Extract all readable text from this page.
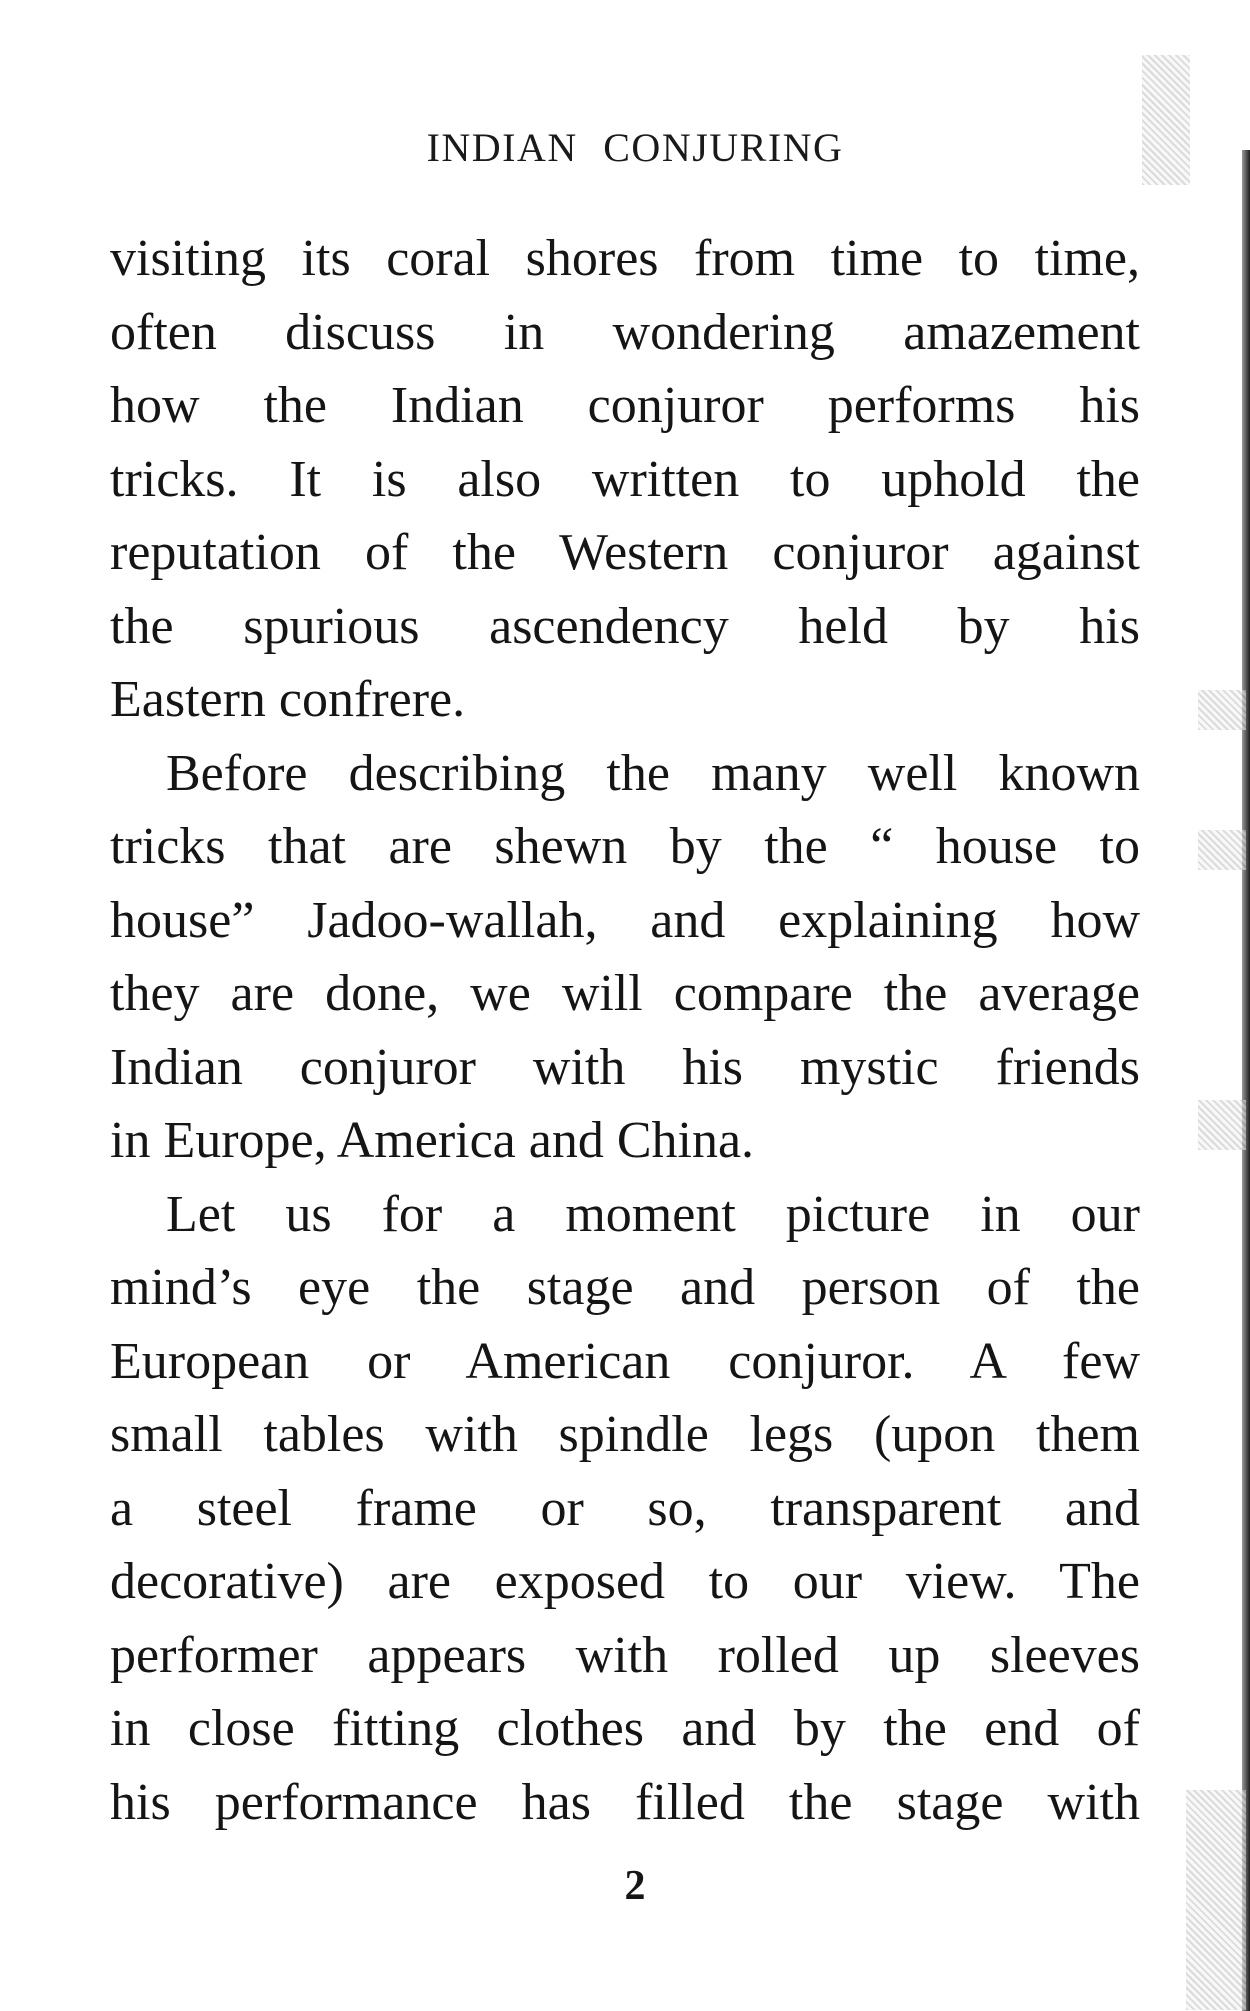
INDIAN CONJURING
visiting its coral shores from time to time,
often discuss in wondering amazement
how the Indian conjuror performs his
tricks. It is also written to uphold the
reputation of the Western conjuror against
the spurious ascendency held by his
Eastern confrere.
Before describing the many well known
tricks that are shewn by the “ house to
house” Jadoo-wallah, and explaining how
they are done, we will compare the average
Indian conjuror with his mystic friends
in Europe, America and China.
Let us for a moment picture in our
mind’s eye the stage and person of the
European or American conjuror. A few
small tables with spindle legs (upon them
a steel frame or so, transparent and
decorative) are exposed to our view. The
performer appears with rolled up sleeves
in close fitting clothes and by the end of
his performance has filled the stage with
2
